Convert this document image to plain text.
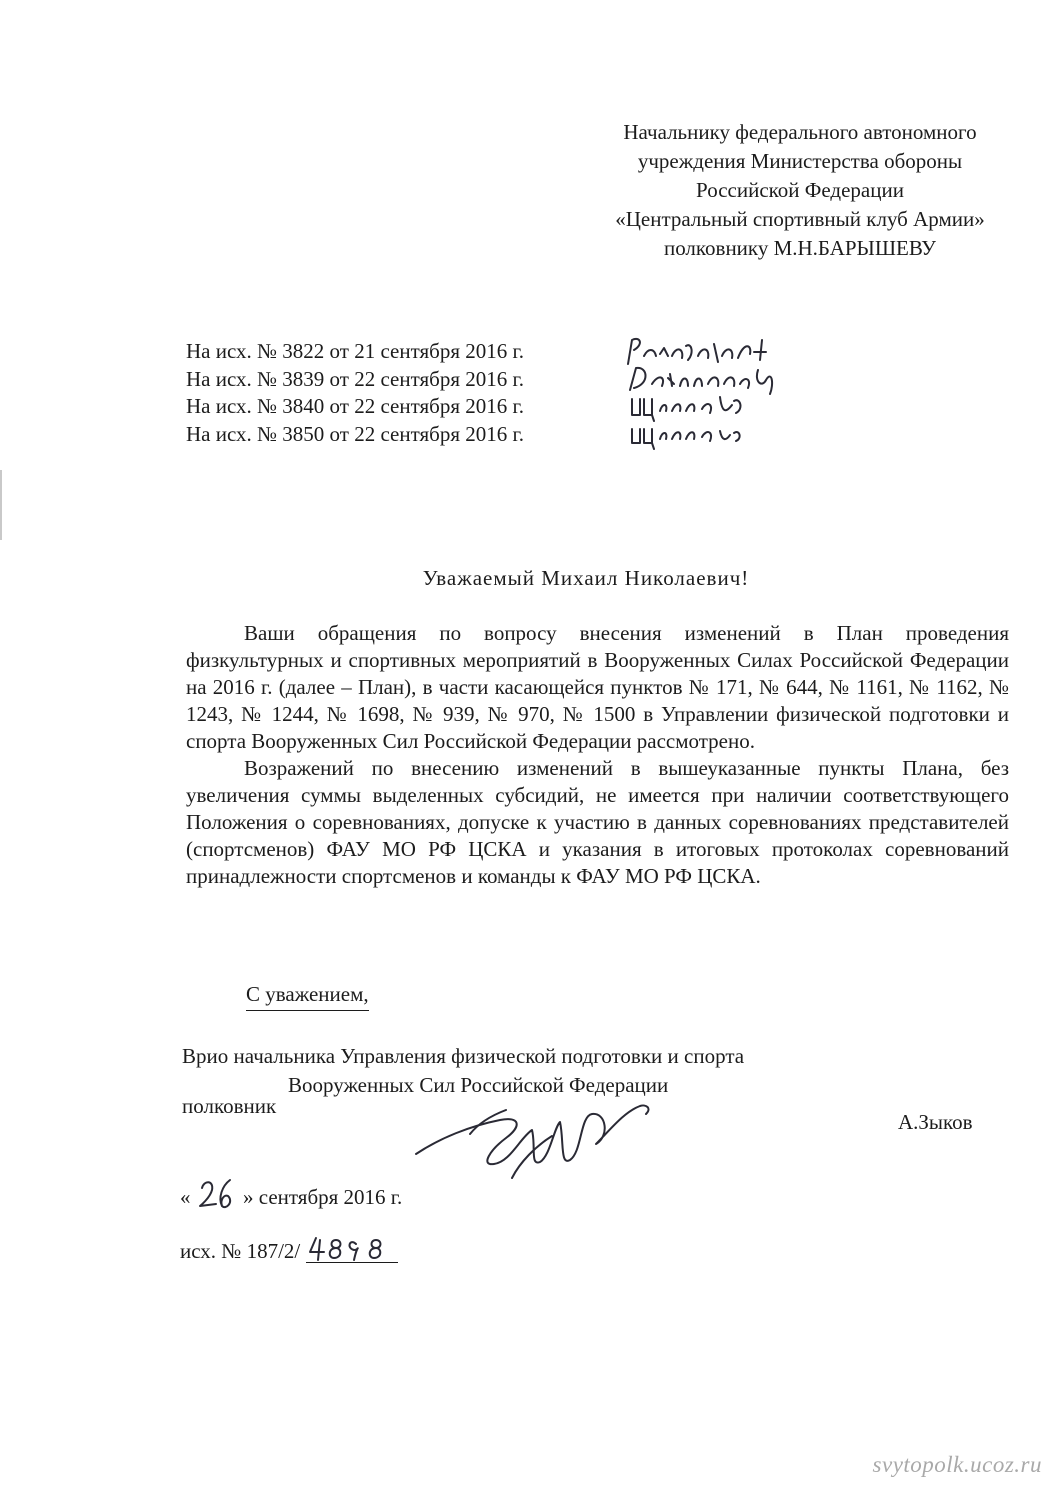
Начальнику федерального автономного
учреждения Министерства обороны
Российской Федерации
«Центральный спортивный клуб Армии»
полковнику М.Н.БАРЫШЕВУ
На исх. № 3822 от 21 сентября 2016 г.
На исх. № 3839 от 22 сентября 2016 г.
На исх. № 3840 от 22 сентября 2016 г.
На исх. № 3850 от 22 сентября 2016 г.
Уважаемый Михаил Николаевич!

Ваши обращения по вопросу внесения изменений в План проведения физкультурных и спортивных мероприятий в Вооруженных Силах Российской Федерации на 2016 г. (далее – План), в части касающейся пунктов № 171, № 644, № 1161, № 1162, № 1243, № 1244, № 1698, № 939, № 970, № 1500 в Управлении физической подготовки и спорта Вооруженных Сил Российской Федерации рассмотрено.

Возражений по внесению изменений в вышеуказанные пункты Плана, без увеличения суммы выделенных субсидий, не имеется при наличии соответствующего Положения о соревнованиях, допуске к участию в данных соревнованиях представителей (спортсменов) ФАУ МО РФ ЦСКА и указания в итоговых протоколах соревнований принадлежности спортсменов и команды к ФАУ МО РФ ЦСКА.

С уважением,
Врио начальника Управления физической подготовки и спорта
Вооруженных Сил Российской Федерации
полковник
А.Зыков
«	» сентября 2016 г.
исх. № 187/2/
svytopolk.ucoz.ru
